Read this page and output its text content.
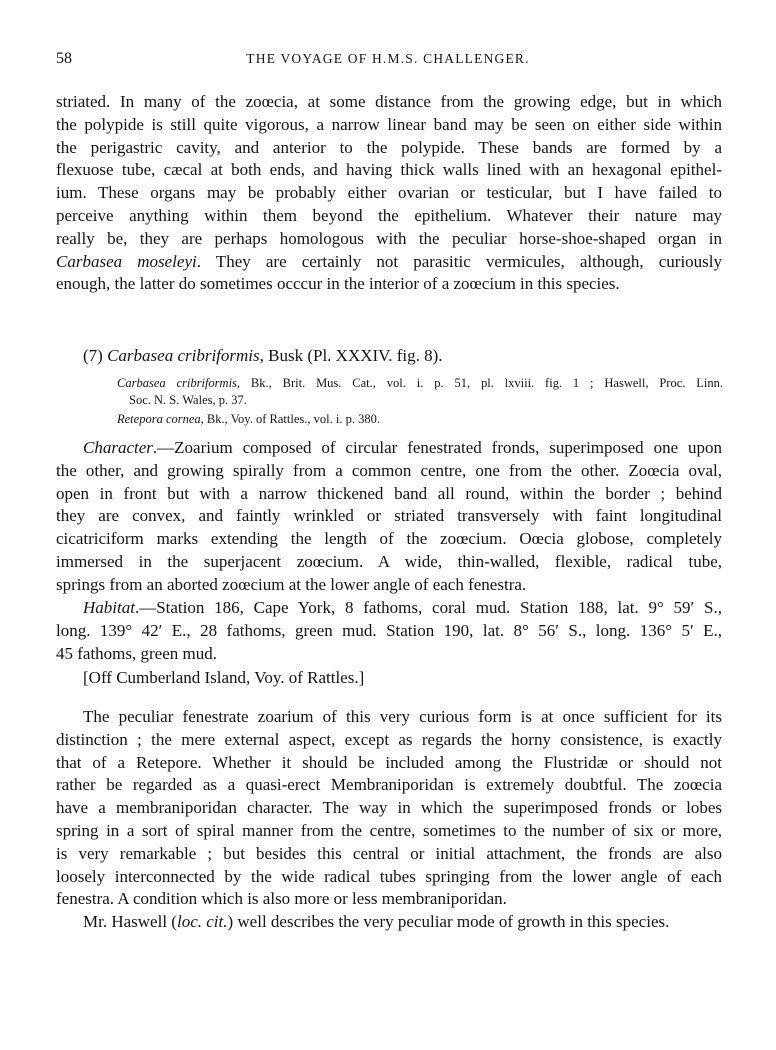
58	THE VOYAGE OF H.M.S. CHALLENGER.
striated. In many of the zoœcia, at some distance from the growing edge, but in which
the polypide is still quite vigorous, a narrow linear band may be seen on either side within
the perigastric cavity, and anterior to the polypide. These bands are formed by a
flexuose tube, cæcal at both ends, and having thick walls lined with an hexagonal epithel-
ium. These organs may be probably either ovarian or testicular, but I have failed to
perceive anything within them beyond the epithelium. Whatever their nature may
really be, they are perhaps homologous with the peculiar horse-shoe-shaped organ in
Carbasea moseleyi. They are certainly not parasitic vermicules, although, curiously
enough, the latter do sometimes occcur in the interior of a zoœcium in this species.

(7) Carbasea cribriformis, Busk (Pl. XXXIV. fig. 8).

Carbasea cribriformis, Bk., Brit. Mus. Cat., vol. i. p. 51, pl. lxviii. fig. 1 ; Haswell, Proc. Linn.
Soc. N. S. Wales, p. 37.
Retepora cornea, Bk., Voy. of Rattles., vol. i. p. 380.
Character.—Zoarium composed of circular fenestrated fronds, superimposed one upon
the other, and growing spirally from a common centre, one from the other. Zoœcia oval,
open in front but with a narrow thickened band all round, within the border ; behind
they are convex, and faintly wrinkled or striated transversely with faint longitudinal
cicatriciform marks extending the length of the zoœcium. Oœcia globose, completely
immersed in the superjacent zoœcium. A wide, thin-walled, flexible, radical tube,
springs from an aborted zoœcium at the lower angle of each fenestra.
Habitat.—Station 186, Cape York, 8 fathoms, coral mud. Station 188, lat. 9° 59′ S.,
long. 139° 42′ E., 28 fathoms, green mud. Station 190, lat. 8° 56′ S., long. 136° 5′ E.,
45 fathoms, green mud.
[Off Cumberland Island, Voy. of Rattles.]
The peculiar fenestrate zoarium of this very curious form is at once sufficient for its
distinction ; the mere external aspect, except as regards the horny consistence, is exactly
that of a Retepore. Whether it should be included among the Flustridæ or should not
rather be regarded as a quasi-erect Membraniporidan is extremely doubtful. The zoœcia
have a membraniporidan character. The way in which the superimposed fronds or lobes
spring in a sort of spiral manner from the centre, sometimes to the number of six or more,
is very remarkable ; but besides this central or initial attachment, the fronds are also
loosely interconnected by the wide radical tubes springing from the lower angle of each
fenestra. A condition which is also more or less membraniporidan.
Mr. Haswell (loc. cit.) well describes the very peculiar mode of growth in this species.
